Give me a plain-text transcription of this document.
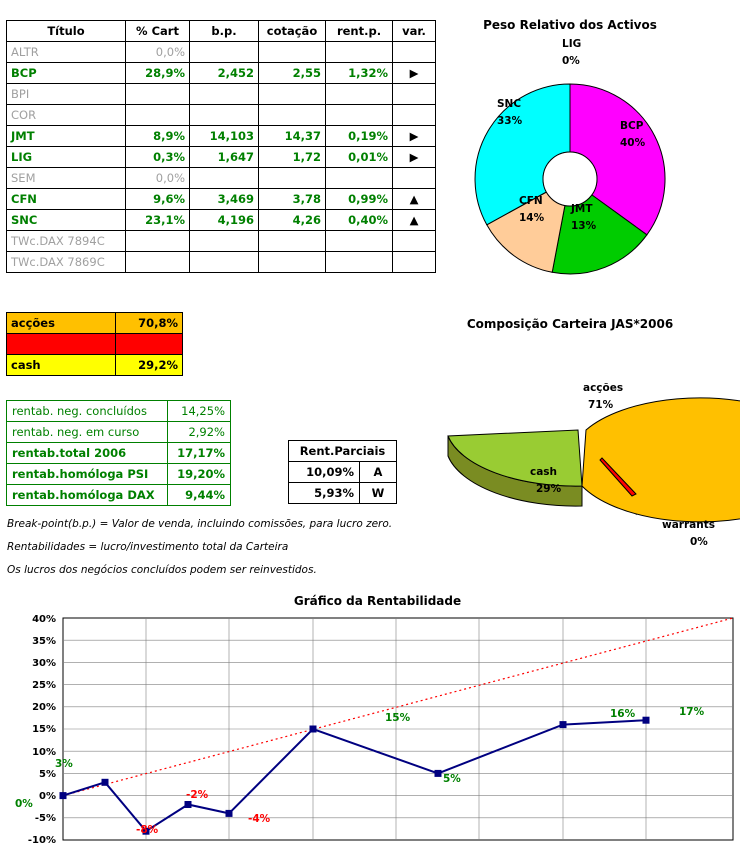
Título	% Cart	b.p.	cotação	rent.p.	var.
ALTR	0,0%				
BCP	28,9%	2,452	2,55	1,32%	▶
BPI					
COR					
JMT	8,9%	14,103	14,37	0,19%	▶
LIG	0,3%	1,647	1,72	0,01%	▶
SEM	0,0%				
CFN	9,6%	3,469	3,78	0,99%	▲
SNC	23,1%	4,196	4,26	0,40%	▲
TWc.DAX 7894C					
TWc.DAX 7869C					
acções	70,8%
warrants	0,0%
cash	29,2%
rentab. neg. concluídos	14,25%
rentab. neg. em curso	2,92%
rentab.total 2006	17,17%
rentab.homóloga PSI	19,20%
rentab.homóloga DAX	9,44%
Rent.Parciais	
10,09%	A
5,93%	W
Break-point(b.p.) = Valor de venda, incluindo comissões, para lucro zero.
Rentabilidades = lucro/investimento total da Carteira
Os lucros dos negócios concluídos podem ser reinvestidos.
Peso Relativo dos Activos
LIG
0%
BCP
40%
JMT
13%
CFN
14%
SNC
33%
Composição Carteira JAS*2006
acções
71%
cash
29%
warrants
0%
Gráfico da Rentabilidade
40%
35%
30%
25%
20%
15%
10%
5%
0%
-5%
-10%
0%
3%
-8%
-2%
-4%
15%
5%
16%	17%
